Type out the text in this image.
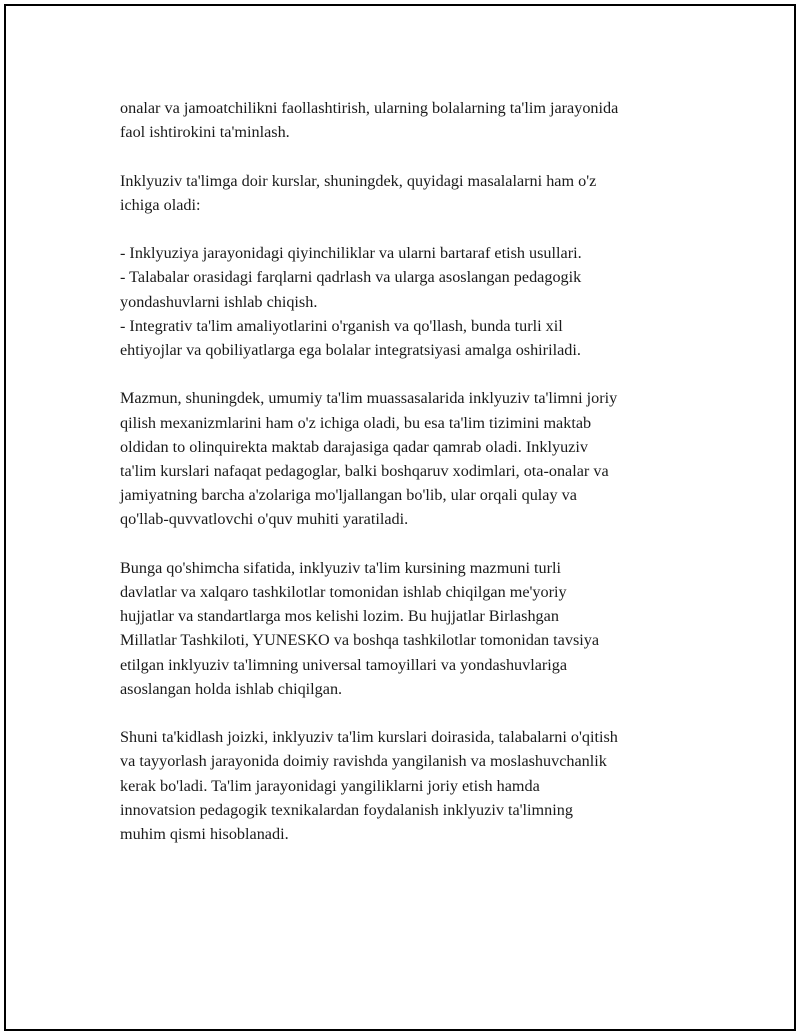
onalar va jamoatchilikni faollashtirish, ularning bolalarning ta'lim jarayonida
faol ishtirokini ta'minlash.

Inklyuziv ta'limga doir kurslar, shuningdek, quyidagi masalalarni ham o'z
ichiga oladi:

- Inklyuziya jarayonidagi qiyinchiliklar va ularni bartaraf etish usullari.
- Talabalar orasidagi farqlarni qadrlash va ularga asoslangan pedagogik
yondashuvlarni ishlab chiqish.
- Integrativ ta'lim amaliyotlarini o'rganish va qo'llash, bunda turli xil
ehtiyojlar va qobiliyatlarga ega bolalar integratsiyasi amalga oshiriladi.

Mazmun, shuningdek, umumiy ta'lim muassasalarida inklyuziv ta'limni joriy
qilish mexanizmlarini ham o'z ichiga oladi, bu esa ta'lim tizimini maktab
oldidan to olinquirekta maktab darajasiga qadar qamrab oladi. Inklyuziv
ta'lim kurslari nafaqat pedagoglar, balki boshqaruv xodimlari, ota-onalar va
jamiyatning barcha a'zolariga mo'ljallangan bo'lib, ular orqali qulay va
qo'llab-quvvatlovchi o'quv muhiti yaratiladi.

Bunga qo'shimcha sifatida, inklyuziv ta'lim kursining mazmuni turli
davlatlar va xalqaro tashkilotlar tomonidan ishlab chiqilgan me'yoriy
hujjatlar va standartlarga mos kelishi lozim. Bu hujjatlar Birlashgan
Millatlar Tashkiloti, YUNESKO va boshqa tashkilotlar tomonidan tavsiya
etilgan inklyuziv ta'limning universal tamoyillari va yondashuvlariga
asoslangan holda ishlab chiqilgan.

Shuni ta'kidlash joizki, inklyuziv ta'lim kurslari doirasida, talabalarni o'qitish
va tayyorlash jarayonida doimiy ravishda yangilanish va moslashuvchanlik
kerak bo'ladi. Ta'lim jarayonidagi yangiliklarni joriy etish hamda
innovatsion pedagogik texnikalardan foydalanish inklyuziv ta'limning
muhim qismi hisoblanadi.
